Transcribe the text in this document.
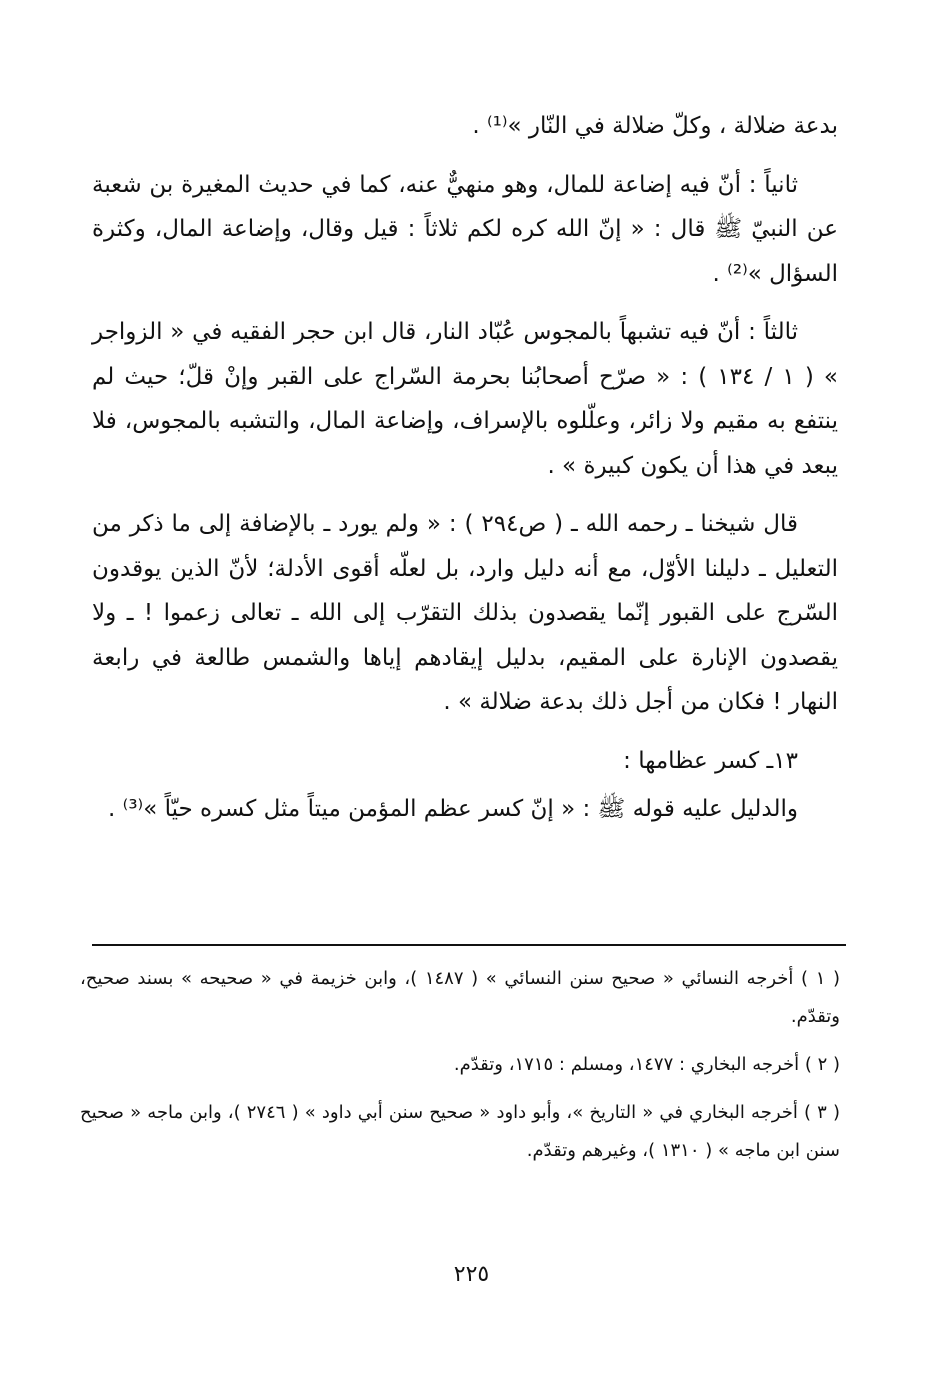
بدعة ضلالة ، وكلّ ضلالة في النّار »⁽¹⁾ .

ثانياً : أنّ فيه إضاعة للمال، وهو منهيٌّ عنه، كما في حديث المغيرة بن شعبة عن النبيّ ﷺ قال : « إنّ الله كره لكم ثلاثاً : قيل وقال، وإضاعة المال، وكثرة السؤال »⁽²⁾ .

ثالثاً : أنّ فيه تشبهاً بالمجوس عُبّاد النار، قال ابن حجر الفقيه في « الزواجر » ( ١ / ١٣٤ ) : « صرّح أصحابُنا بحرمة السّراج على القبر وإنْ قلّ؛ حيث لم ينتفع به مقيم ولا زائر، وعلّلوه بالإسراف، وإضاعة المال، والتشبه بالمجوس، فلا يبعد في هذا أن يكون كبيرة » .

قال شيخنا ـ رحمه الله ـ ( ص٢٩٤ ) : « ولم يورد ـ بالإضافة إلى ما ذكر من التعليل ـ دليلنا الأوّل، مع أنه دليل وارد، بل لعلّه أقوى الأدلة؛ لأنّ الذين يوقدون السّرج على القبور إنّما يقصدون بذلك التقرّب إلى الله ـ تعالى زعموا ! ـ ولا يقصدون الإنارة على المقيم، بدليل إيقادهم إياها والشمس طالعة في رابعة النهار ! فكان من أجل ذلك بدعة ضلالة » .

١٣ـ كسر عظامها :

والدليل عليه قوله ﷺ : « إنّ كسر عظم المؤمن ميتاً مثل كسره حيّاً »⁽³⁾ .

( ١ ) أخرجه النسائي « صحيح سنن النسائي » ( ١٤٨٧ )، وابن خزيمة في « صحيحه » بسند صحيح، وتقدّم.

( ٢ ) أخرجه البخاري : ١٤٧٧، ومسلم : ١٧١٥، وتقدّم.

( ٣ ) أخرجه البخاري في « التاريخ »، وأبو داود « صحيح سنن أبي داود » ( ٢٧٤٦ )، وابن ماجه « صحيح سنن ابن ماجه » ( ١٣١٠ )، وغيرهم وتقدّم.

٢٢٥
